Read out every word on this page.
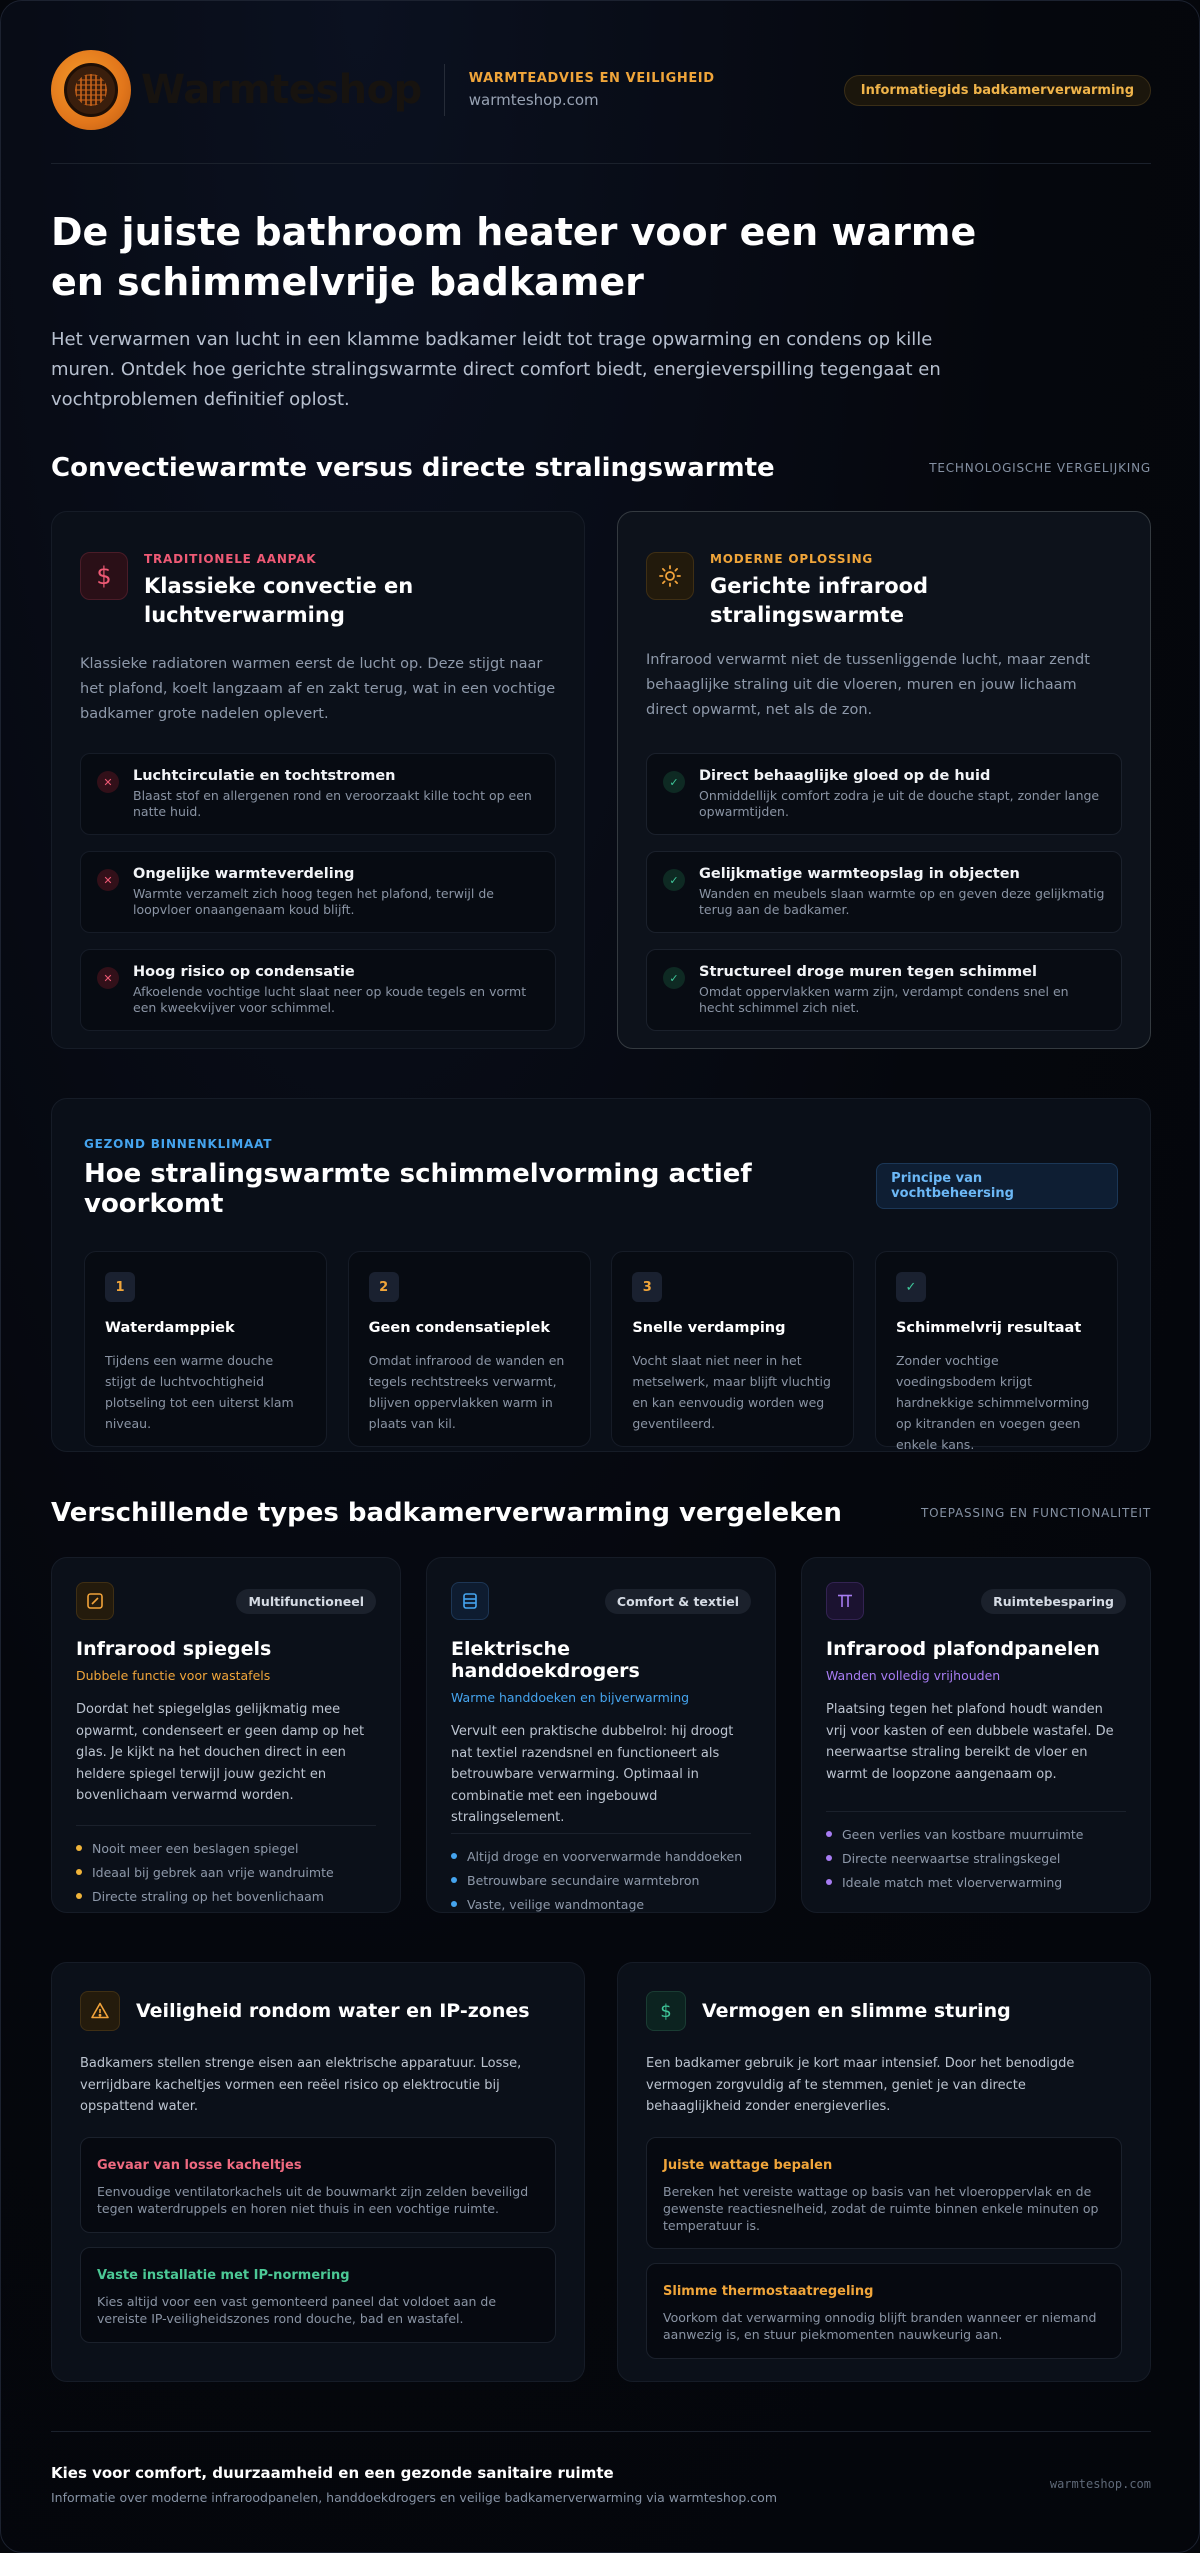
Warmteshop	WARMTEADVIES EN VEILIGHEID
warmteshop.com
Informatiegids badkamerverwarming
De juiste bathroom heater voor een warme en schimmelvrije badkamer

Het verwarmen van lucht in een klamme badkamer leidt tot trage opwarming en condens op kille muren. Ontdek hoe gerichte stralingswarmte direct comfort biedt, energieverspilling tegengaat en vochtproblemen definitief oplost.

Convectiewarmte versus directe stralingswarmte	TECHNOLOGISCHE VERGELIJKING
$
TRADITIONELE AANPAK
Klassieke convectie en luchtverwarming
Klassieke radiatoren warmen eerst de lucht op. Deze stijgt naar het plafond, koelt langzaam af en zakt terug, wat in een vochtige badkamer grote nadelen oplevert.
✕	Luchtcirculatie en tochtstromen
Blaast stof en allergenen rond en veroorzaakt kille tocht op een natte huid.
✕	Ongelijke warmteverdeling
Warmte verzamelt zich hoog tegen het plafond, terwijl de loopvloer onaangenaam koud blijft.
✕	Hoog risico op condensatie
Afkoelende vochtige lucht slaat neer op koude tegels en vormt een kweekvijver voor schimmel.
MODERNE OPLOSSING
Gerichte infrarood stralingswarmte
Infrarood verwarmt niet de tussenliggende lucht, maar zendt behaaglijke straling uit die vloeren, muren en jouw lichaam direct opwarmt, net als de zon.
✓	Direct behaaglijke gloed op de huid
Onmiddellijk comfort zodra je uit de douche stapt, zonder lange opwarmtijden.
✓	Gelijkmatige warmteopslag in objecten
Wanden en meubels slaan warmte op en geven deze gelijkmatig terug aan de badkamer.
✓	Structureel droge muren tegen schimmel
Omdat oppervlakken warm zijn, verdampt condens snel en hecht schimmel zich niet.
GEZOND BINNENKLIMAAT
Hoe stralingswarmte schimmelvorming actief voorkomt
Principe van vochtbeheersing
1
Waterdamppiek

Tijdens een warme douche stijgt de luchtvochtigheid plotseling tot een uiterst klam niveau.

2
Geen condensatieplek

Omdat infrarood de wanden en tegels rechtstreeks verwarmt, blijven oppervlakken warm in plaats van kil.

3
Snelle verdamping

Vocht slaat niet neer in het metselwerk, maar blijft vluchtig en kan eenvoudig worden weg geventileerd.

✓
Schimmelvrij resultaat

Zonder vochtige voedingsbodem krijgt hardnekkige schimmelvorming op kitranden en voegen geen enkele kans.

Verschillende types badkamerverwarming vergeleken	TOEPASSING EN FUNCTIONALITEIT
Multifunctioneel
Infrarood spiegels
Dubbele functie voor wastafels
Doordat het spiegelglas gelijkmatig mee opwarmt, condenseert er geen damp op het glas. Je kijkt na het douchen direct in een heldere spiegel terwijl jouw gezicht en bovenlichaam verwarmd worden.
Nooit meer een beslagen spiegel
Ideaal bij gebrek aan vrije wandruimte
Directe straling op het bovenlichaam
Comfort & textiel
Elektrische handdoekdrogers
Warme handdoeken en bijverwarming
Vervult een praktische dubbelrol: hij droogt nat textiel razendsnel en functioneert als betrouwbare verwarming. Optimaal in combinatie met een ingebouwd stralingselement.
Altijd droge en voorverwarmde handdoeken
Betrouwbare secundaire warmtebron
Vaste, veilige wandmontage
Ruimtebesparing
Infrarood plafondpanelen
Wanden volledig vrijhouden
Plaatsing tegen het plafond houdt wanden vrij voor kasten of een dubbele wastafel. De neerwaartse straling bereikt de vloer en warmt de loopzone aangenaam op.
Geen verlies van kostbare muurruimte
Directe neerwaartse stralingskegel
Ideale match met vloerverwarming
Veiligheid rondom water en IP-zones
Badkamers stellen strenge eisen aan elektrische apparatuur. Losse, verrijdbare kacheltjes vormen een reëel risico op elektrocutie bij opspattend water.
Gevaar van losse kacheltjes

Eenvoudige ventilatorkachels uit de bouwmarkt zijn zelden beveiligd tegen waterdruppels en horen niet thuis in een vochtige ruimte.

Vaste installatie met IP-normering

Kies altijd voor een vast gemonteerd paneel dat voldoet aan de vereiste IP-veiligheidszones rond douche, bad en wastafel.

$	Vermogen en slimme sturing
Een badkamer gebruik je kort maar intensief. Door het benodigde vermogen zorgvuldig af te stemmen, geniet je van directe behaaglijkheid zonder energieverlies.
Juiste wattage bepalen

Bereken het vereiste wattage op basis van het vloeroppervlak en de gewenste reactiesnelheid, zodat de ruimte binnen enkele minuten op temperatuur is.

Slimme thermostaatregeling

Voorkom dat verwarming onnodig blijft branden wanneer er niemand aanwezig is, en stuur piekmomenten nauwkeurig aan.

Kies voor comfort, duurzaamheid en een gezonde sanitaire ruimte
Informatie over moderne infraroodpanelen, handdoekdrogers en veilige badkamerverwarming via warmteshop.com
warmteshop.com
